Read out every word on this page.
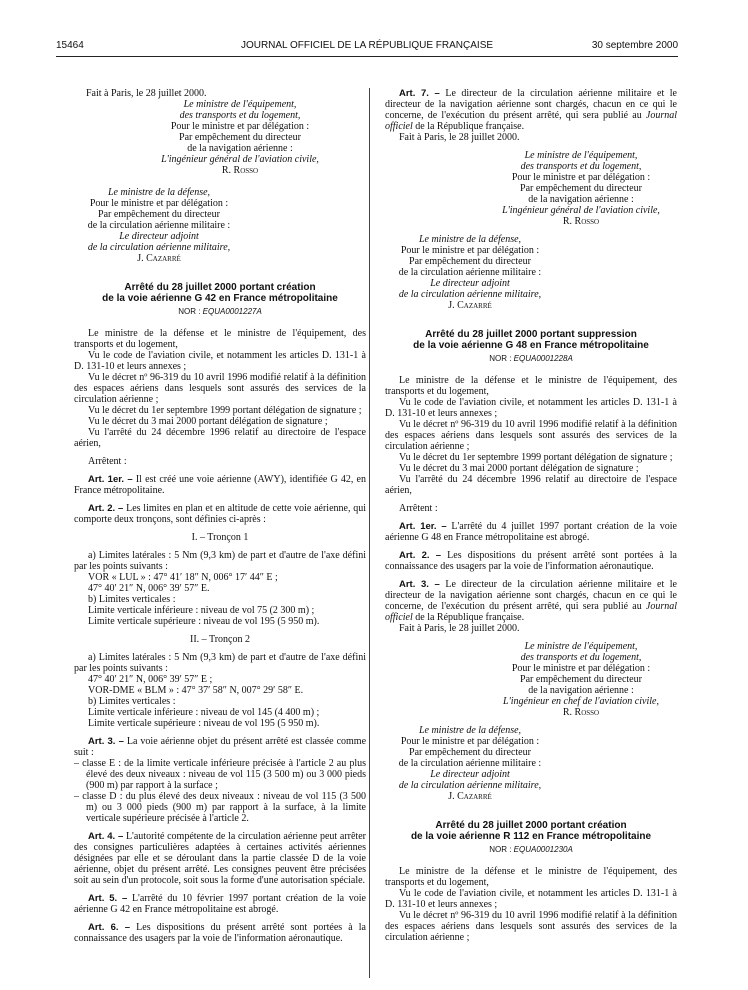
15464	JOURNAL OFFICIEL DE LA RÉPUBLIQUE FRANÇAISE	30 septembre 2000

Fait à Paris, le 28 juillet 2000.

Le ministre de l'équipement,

des transports et du logement,

Pour le ministre et par délégation :

Par empêchement du directeur

de la navigation aérienne :

L'ingénieur général de l'aviation civile,

R. Rosso

Le ministre de la défense,

Pour le ministre et par délégation :

Par empêchement du directeur

de la circulation aérienne militaire :

Le directeur adjoint

de la circulation aérienne militaire,

J. Cazarré

Arrêté du 28 juillet 2000 portant création

de la voie aérienne G 42 en France métropolitaine

NOR : EQUA0001227A

Le ministre de la défense et le ministre de l'équipement, des transports et du logement,

Vu le code de l'aviation civile, et notamment les articles D. 131-1 à D. 131-10 et leurs annexes ;

Vu le décret nº 96-319 du 10 avril 1996 modifié relatif à la définition des espaces aériens dans lesquels sont assurés des services de la circulation aérienne ;

Vu le décret du 1er septembre 1999 portant délégation de signature ;

Vu le décret du 3 mai 2000 portant délégation de signature ;

Vu l'arrêté du 24 décembre 1996 relatif au directoire de l'espace aérien,

Arrêtent :

Art. 1er. – Il est créé une voie aérienne (AWY), identifiée G 42, en France métropolitaine.

Art. 2. – Les limites en plan et en altitude de cette voie aérienne, qui comporte deux tronçons, sont définies ci-après :

I. – Tronçon 1

a) Limites latérales : 5 Nm (9,3 km) de part et d'autre de l'axe défini par les points suivants :

VOR « LUL » : 47° 41′ 18″ N, 006° 17′ 44″ E ;

47° 40′ 21″ N, 006° 39′ 57″ E.

b) Limites verticales :

Limite verticale inférieure : niveau de vol 75 (2 300 m) ;

Limite verticale supérieure : niveau de vol 195 (5 950 m).

II. – Tronçon 2

a) Limites latérales : 5 Nm (9,3 km) de part et d'autre de l'axe défini par les points suivants :

47° 40′ 21″ N, 006° 39′ 57″ E ;

VOR-DME « BLM » : 47° 37′ 58″ N, 007° 29′ 58″ E.

b) Limites verticales :

Limite verticale inférieure : niveau de vol 145 (4 400 m) ;

Limite verticale supérieure : niveau de vol 195 (5 950 m).

Art. 3. – La voie aérienne objet du présent arrêté est classée comme suit :

– classe E : de la limite verticale inférieure précisée à l'article 2 au plus élevé des deux niveaux : niveau de vol 115 (3 500 m) ou 3 000 pieds (900 m) par rapport à la surface ;

– classe D : du plus élevé des deux niveaux : niveau de vol 115 (3 500 m) ou 3 000 pieds (900 m) par rapport à la surface, à la limite verticale supérieure précisée à l'article 2.

Art. 4. – L'autorité compétente de la circulation aérienne peut arrêter des consignes particulières adaptées à certaines activités aériennes désignées par elle et se déroulant dans la partie classée D de la voie aérienne, objet du présent arrêté. Les consignes peuvent être précisées soit au sein d'un protocole, soit sous la forme d'une autorisation spéciale.

Art. 5. – L'arrêté du 10 février 1997 portant création de la voie aérienne G 42 en France métropolitaine est abrogé.

Art. 6. – Les dispositions du présent arrêté sont portées à la connaissance des usagers par la voie de l'information aéronautique.

Art. 7. – Le directeur de la circulation aérienne militaire et le directeur de la navigation aérienne sont chargés, chacun en ce qui le concerne, de l'exécution du présent arrêté, qui sera publié au Journal officiel de la République française.

Fait à Paris, le 28 juillet 2000.

Le ministre de l'équipement,

des transports et du logement,

Pour le ministre et par délégation :

Par empêchement du directeur

de la navigation aérienne :

L'ingénieur général de l'aviation civile,

R. Rosso

Le ministre de la défense,

Pour le ministre et par délégation :

Par empêchement du directeur

de la circulation aérienne militaire :

Le directeur adjoint

de la circulation aérienne militaire,

J. Cazarré

Arrêté du 28 juillet 2000 portant suppression

de la voie aérienne G 48 en France métropolitaine

NOR : EQUA0001228A

Le ministre de la défense et le ministre de l'équipement, des transports et du logement,

Vu le code de l'aviation civile, et notamment les articles D. 131-1 à D. 131-10 et leurs annexes ;

Vu le décret nº 96-319 du 10 avril 1996 modifié relatif à la définition des espaces aériens dans lesquels sont assurés des services de la circulation aérienne ;

Vu le décret du 1er septembre 1999 portant délégation de signature ;

Vu le décret du 3 mai 2000 portant délégation de signature ;

Vu l'arrêté du 24 décembre 1996 relatif au directoire de l'espace aérien,

Arrêtent :

Art. 1er. – L'arrêté du 4 juillet 1997 portant création de la voie aérienne G 48 en France métropolitaine est abrogé.

Art. 2. – Les dispositions du présent arrêté sont portées à la connaissance des usagers par la voie de l'information aéronautique.

Art. 3. – Le directeur de la circulation aérienne militaire et le directeur de la navigation aérienne sont chargés, chacun en ce qui le concerne, de l'exécution du présent arrêté, qui sera publié au Journal officiel de la République française.

Fait à Paris, le 28 juillet 2000.

Le ministre de l'équipement,

des transports et du logement,

Pour le ministre et par délégation :

Par empêchement du directeur

de la navigation aérienne :

L'ingénieur en chef de l'aviation civile,

R. Rosso

Le ministre de la défense,

Pour le ministre et par délégation :

Par empêchement du directeur

de la circulation aérienne militaire :

Le directeur adjoint

de la circulation aérienne militaire,

J. Cazarré

Arrêté du 28 juillet 2000 portant création

de la voie aérienne R 112 en France métropolitaine

NOR : EQUA0001230A

Le ministre de la défense et le ministre de l'équipement, des transports et du logement,

Vu le code de l'aviation civile, et notamment les articles D. 131-1 à D. 131-10 et leurs annexes ;

Vu le décret nº 96-319 du 10 avril 1996 modifié relatif à la définition des espaces aériens dans lesquels sont assurés des services de la circulation aérienne ;
